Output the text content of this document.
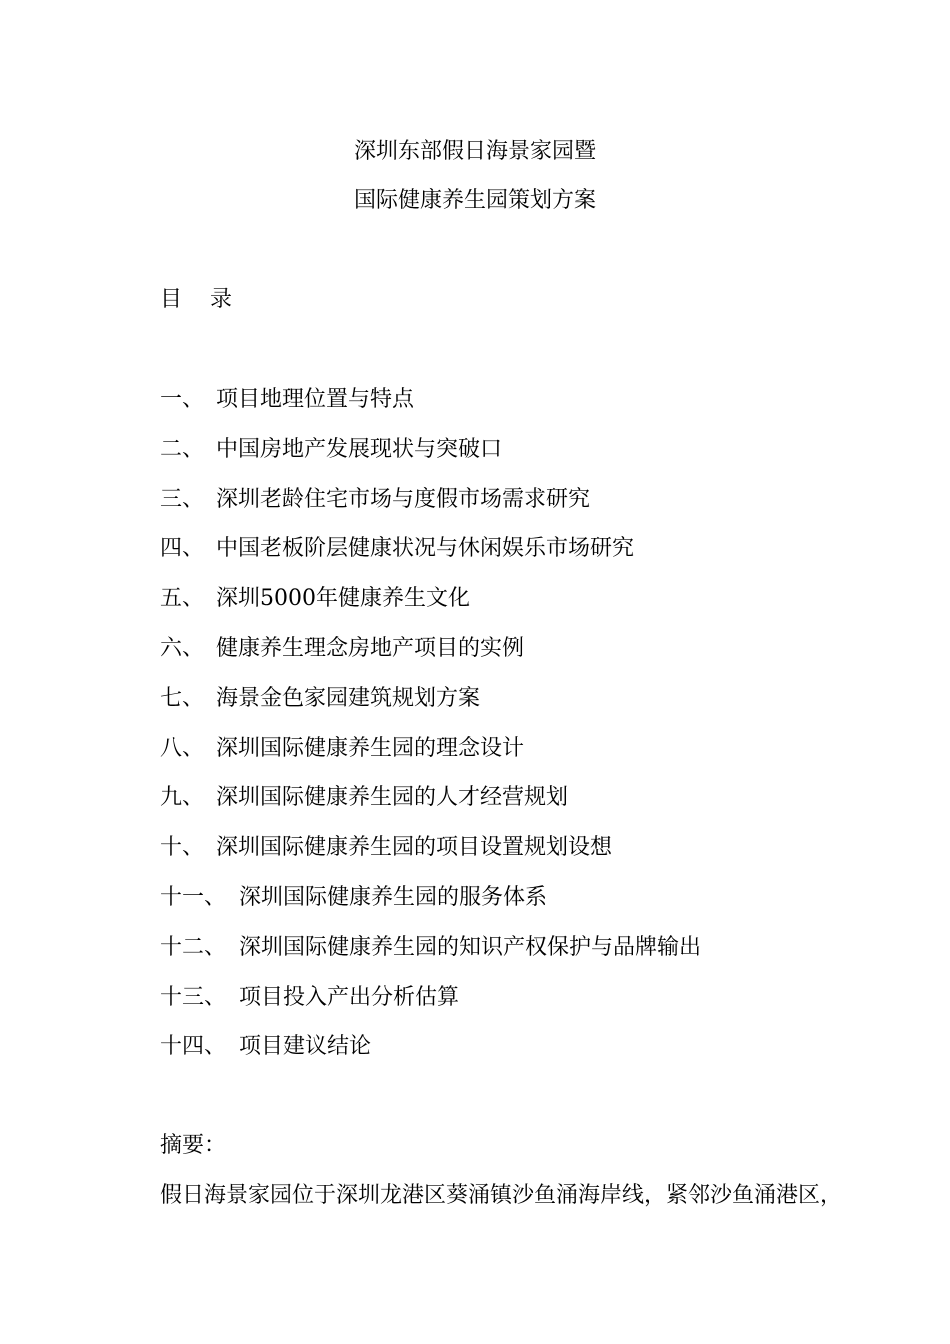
深圳东部假日海景家园暨
国际健康养生园策划方案
目 录
一、 项目地理位置与特点
二、 中国房地产发展现状与突破口
三、 深圳老龄住宅市场与度假市场需求研究
四、 中国老板阶层健康状况与休闲娱乐市场研究
五、 深圳5000年健康养生文化
六、 健康养生理念房地产项目的实例
七、 海景金色家园建筑规划方案
八、 深圳国际健康养生园的理念设计
九、 深圳国际健康养生园的人才经营规划
十、 深圳国际健康养生园的项目设置规划设想
十一、 深圳国际健康养生园的服务体系
十二、 深圳国际健康养生园的知识产权保护与品牌输出
十三、 项目投入产出分析估算
十四、 项目建议结论
摘要：
假日海景家园位于深圳龙港区葵涌镇沙鱼涌海岸线，紧邻沙鱼涌港区，
